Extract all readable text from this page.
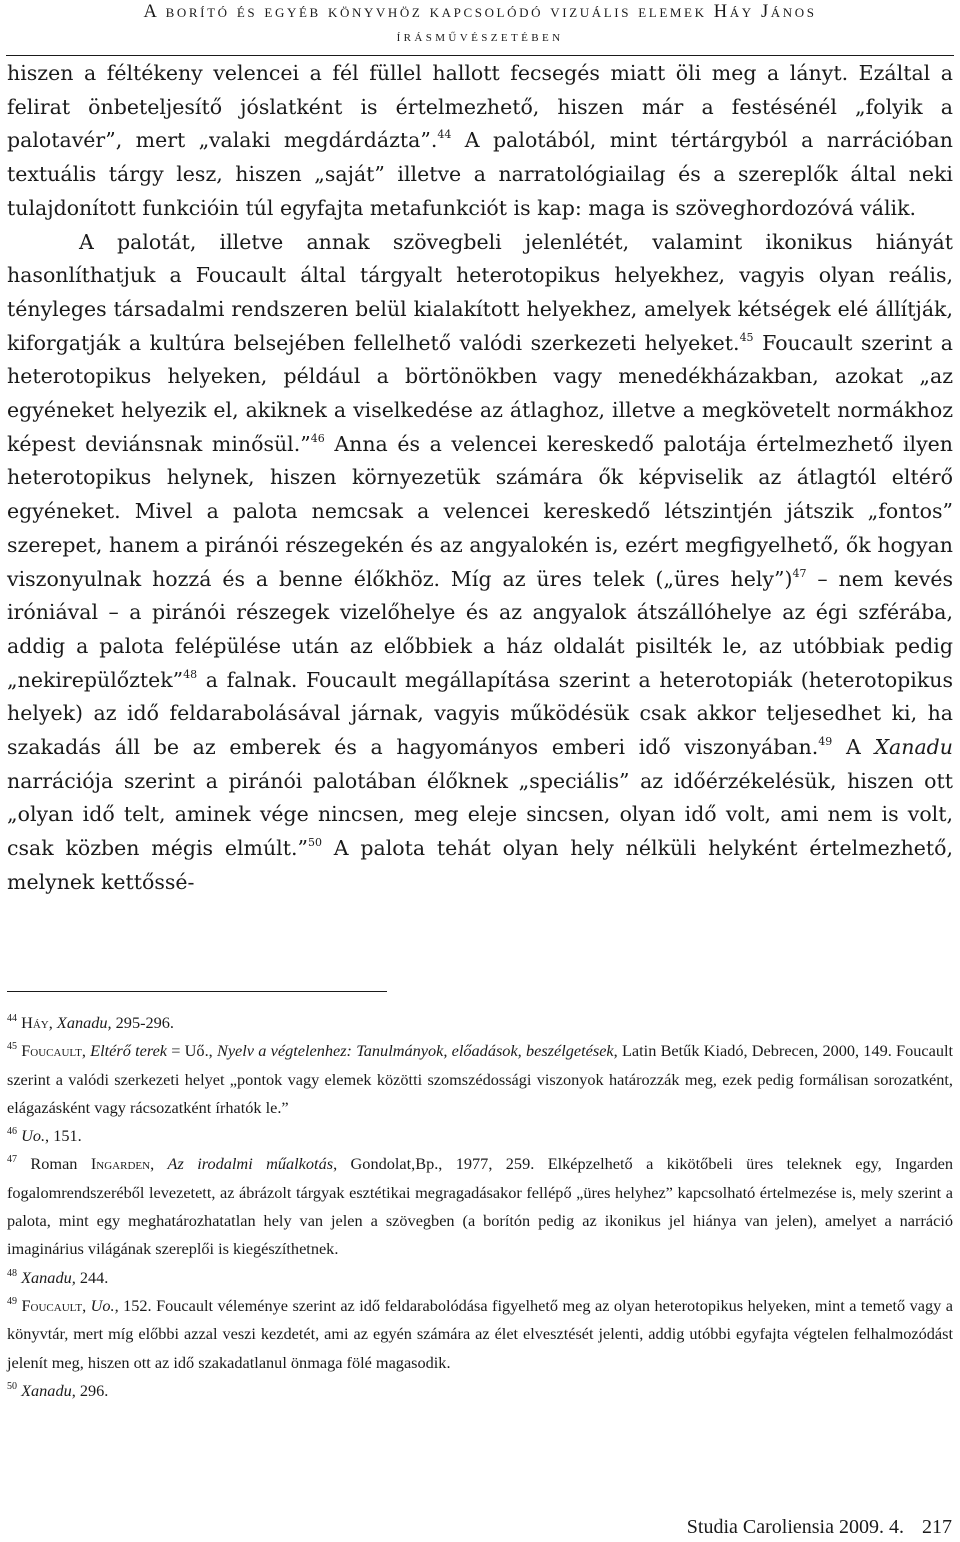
A borító és egyéb könyvhöz kapcsolódó vizuális elemek Háy János
írásművészetében

hiszen a féltékeny velencei a fél füllel hallott fecsegés miatt öli meg a lányt. Ezáltal a felirat önbeteljesítő jóslatként is értelmezhető, hiszen már a festésénél „folyik a palotavér”, mert „valaki megdárdázta”.$^{44}$ A palotából, mint tértárgyból a narrációban textuális tárgy lesz, hiszen „saját” illetve a narratológiailag és a szereplők által neki tulajdonított funkcióin túl egyfajta metafunkciót is kap: maga is szöveghordozóvá válik.

A palotát, illetve annak szövegbeli jelenlétét, valamint ikonikus hiányát hasonlíthatjuk a Foucault által tárgyalt heterotopikus helyekhez, vagyis olyan reális, tényleges társadalmi rendszeren belül kialakított helyekhez, amelyek kétségek elé állítják, kiforgatják a kultúra belsejében fellelhető valódi szerkezeti helyeket.$^{45}$ Foucault szerint a heterotopikus helyeken, például a börtönökben vagy menedékházakban, azokat „az egyéneket helyezik el, akiknek a viselkedése az átlaghoz, illetve a megkövetelt normákhoz képest deviánsnak minősül.”$^{46}$ Anna és a velencei kereskedő palotája értelmezhető ilyen heterotopikus helynek, hiszen környezetük számára ők képviselik az átlagtól eltérő egyéneket. Mivel a palota nemcsak a velencei kereskedő létszintjén játszik „fontos” szerepet, hanem a piránói részegekén és az angyalokén is, ezért megfigyelhető, ők hogyan viszonyulnak hozzá és a benne élőkhöz. Míg az üres telek („üres hely”)$^{47}$ – nem kevés iróniával – a piránói részegek vizelőhelye és az angyalok átszállóhelye az égi szférába, addig a palota felépülése után az előbbiek a ház oldalát pisilték le, az utóbbiak pedig „nekirepülőztek”$^{48}$ a falnak. Foucault megállapítása szerint a heterotopiák (heterotopikus helyek) az idő feldarabolásával járnak, vagyis működésük csak akkor teljesedhet ki, ha szakadás áll be az emberek és a hagyományos emberi idő viszonyában.$^{49}$ A Xanadu narrációja szerint a piránói palotában élőknek „speciális” az időérzékelésük, hiszen ott „olyan idő telt, aminek vége nincsen, meg eleje sincsen, olyan idő volt, ami nem is volt, csak közben mégis elmúlt.”$^{50}$ A palota tehát olyan hely nélküli helyként értelmezhető, melynek kettőssé-

$^{44}$ Háy, Xanadu, 295-296.

$^{45}$ Foucault, Eltérő terek = Uő., Nyelv a végtelenhez: Tanulmányok, előadások, beszélgetések, Latin Betűk Kiadó, Debrecen, 2000, 149. Foucault szerint a valódi szerkezeti helyet „pontok vagy elemek közötti szomszédossági viszonyok határozzák meg, ezek pedig formálisan sorozatként, elágazásként vagy rácsozatként írhatók le.”

$^{46}$ Uo., 151.

$^{47}$ Roman Ingarden, Az irodalmi műalkotás, Gondolat,Bp., 1977, 259. Elképzelhető a kikötőbeli üres teleknek egy, Ingarden fogalomrendszeréből levezetett, az ábrázolt tárgyak esztétikai megragadásakor fellépő „üres helyhez” kapcsolható értelmezése is, mely szerint a palota, mint egy meghatározhatatlan hely van jelen a szövegben (a borítón pedig az ikonikus jel hiánya van jelen), amelyet a narráció imaginárius világának szereplői is kiegészíthetnek.

$^{48}$ Xanadu, 244.

$^{49}$ Foucault, Uo., 152. Foucault véleménye szerint az idő feldarabolódása figyelhető meg az olyan heterotopikus helyeken, mint a temető vagy a könyvtár, mert míg előbbi azzal veszi kezdetét, ami az egyén számára az élet elvesztését jelenti, addig utóbbi egyfajta végtelen felhalmozódást jelenít meg, hiszen ott az idő szakadatlanul önmaga fölé magasodik.

$^{50}$ Xanadu, 296.

Studia Caroliensia 2009. 4. 217
